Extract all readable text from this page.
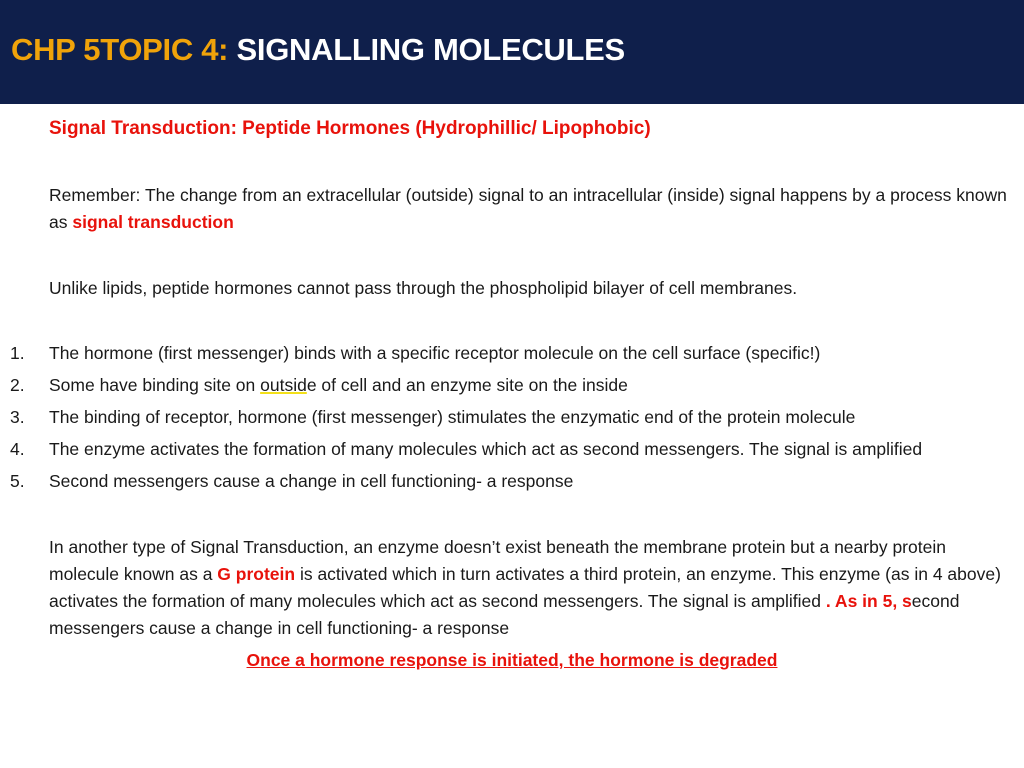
CHP 5TOPIC 4: SIGNALLING MOLECULES
Signal Transduction: Peptide Hormones (Hydrophillic/ Lipophobic)
Remember: The change from an extracellular (outside) signal to an intracellular (inside) signal happens by a process known as signal transduction
Unlike lipids, peptide hormones cannot pass through the phospholipid bilayer of cell membranes.
1. The hormone (first messenger) binds with a specific receptor molecule on the cell surface (specific!)
2. Some have binding site on outside of cell and an enzyme site on the inside
3. The binding of receptor, hormone (first messenger) stimulates the enzymatic end of the protein molecule
4. The enzyme activates the formation of many molecules which act as second messengers. The signal is amplified
5. Second messengers cause a change in cell functioning- a response
In another type of Signal Transduction, an enzyme doesn’t exist beneath the membrane protein but a nearby protein molecule known as a G protein is activated which in turn activates a third protein, an enzyme. This enzyme (as in 4 above) activates the formation of many molecules which act as second messengers. The signal is amplified . As in 5, second messengers cause a change in cell functioning- a response
Once a hormone response is initiated, the hormone is degraded
